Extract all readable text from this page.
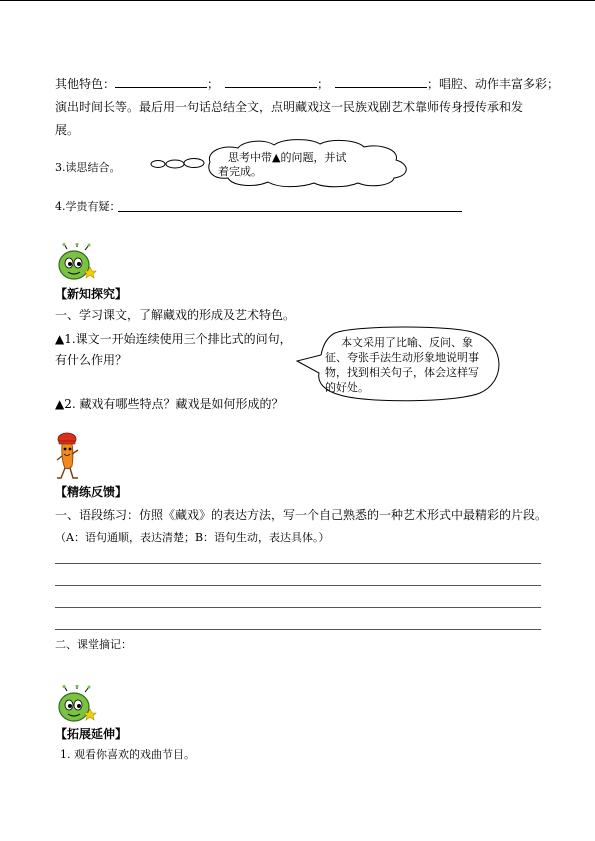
其他特色：	；	；	；唱腔、动作丰富多彩；
演出时间长等。最后用一句话总结全文，点明藏戏这一民族戏剧艺术靠师传身授传承和发
展。
3.读思结合。
思考中带▲的问题，并试
着完成。
4.学贵有疑：
【新知探究】
一、学习课文，了解藏戏的形成及艺术特色。
▲1.课文一开始连续使用三个排比式的问句，
有什么作用？
▲2. 藏戏有哪些特点？藏戏是如何形成的？
本文采用了比喻、反问、象
征、夸张手法生动形象地说明事
物，找到相关句子，体会这样写
的好处。
【精练反馈】
一、语段练习：仿照《藏戏》的表达方法，写一个自己熟悉的一种艺术形式中最精彩的片段。
（A：语句通顺，表达清楚；B：语句生动，表达具体。）
二、课堂摘记：
【拓展延伸】
1. 观看你喜欢的戏曲节目。
